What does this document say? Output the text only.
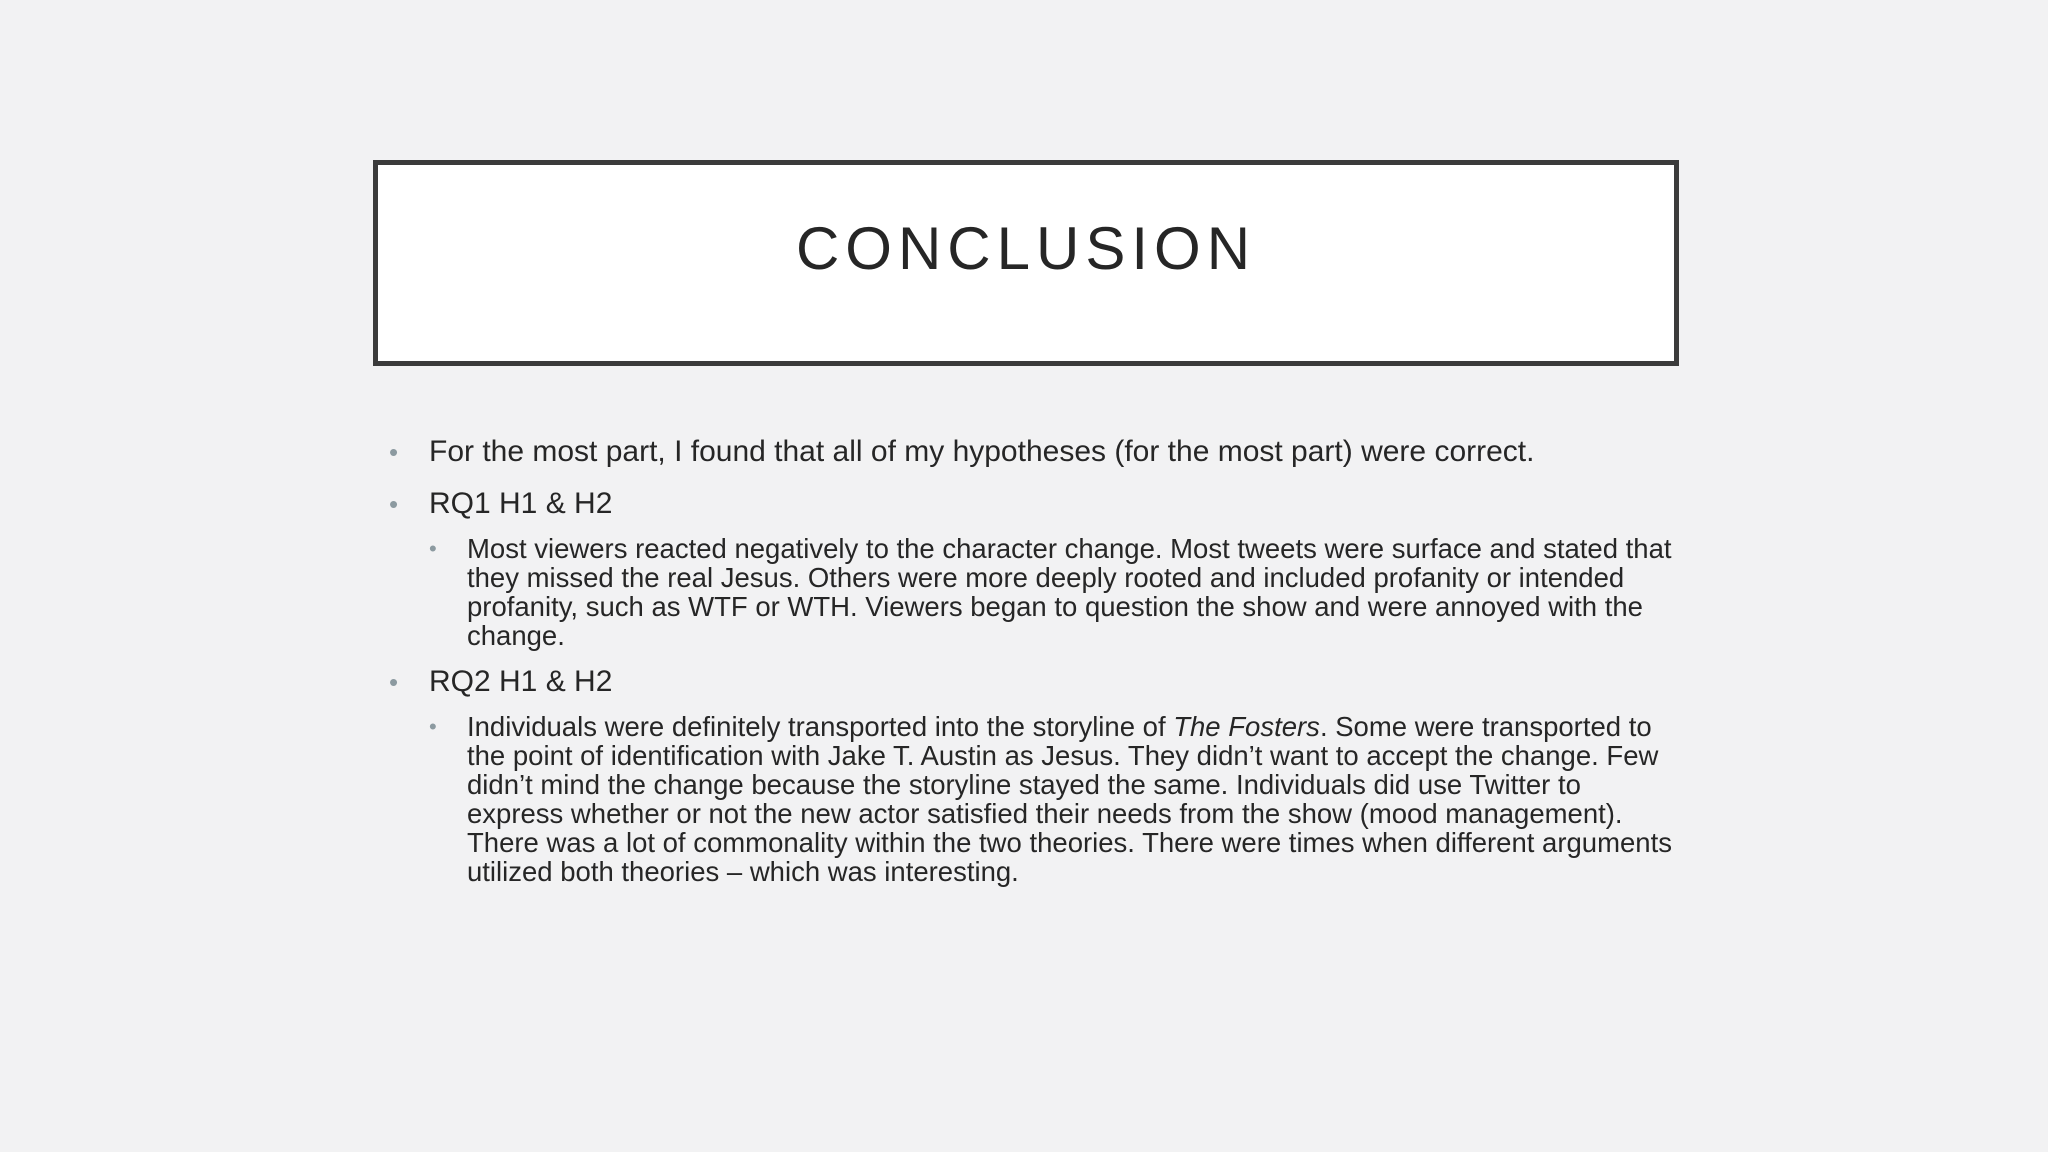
CONCLUSION
• For the most part, I found that all of my hypotheses (for the most part) were correct.
• RQ1 H1 & H2
• Most viewers reacted negatively to the character change. Most tweets were surface and stated that they missed the real Jesus. Others were more deeply rooted and included profanity or intended profanity, such as WTF or WTH. Viewers began to question the show and were annoyed with the change.
• RQ2 H1 & H2
• Individuals were definitely transported into the storyline of The Fosters. Some were transported to the point of identification with Jake T. Austin as Jesus. They didn’t want to accept the change. Few didn’t mind the change because the storyline stayed the same. Individuals did use Twitter to express whether or not the new actor satisfied their needs from the show (mood management). There was a lot of commonality within the two theories. There were times when different arguments utilized both theories – which was interesting.
